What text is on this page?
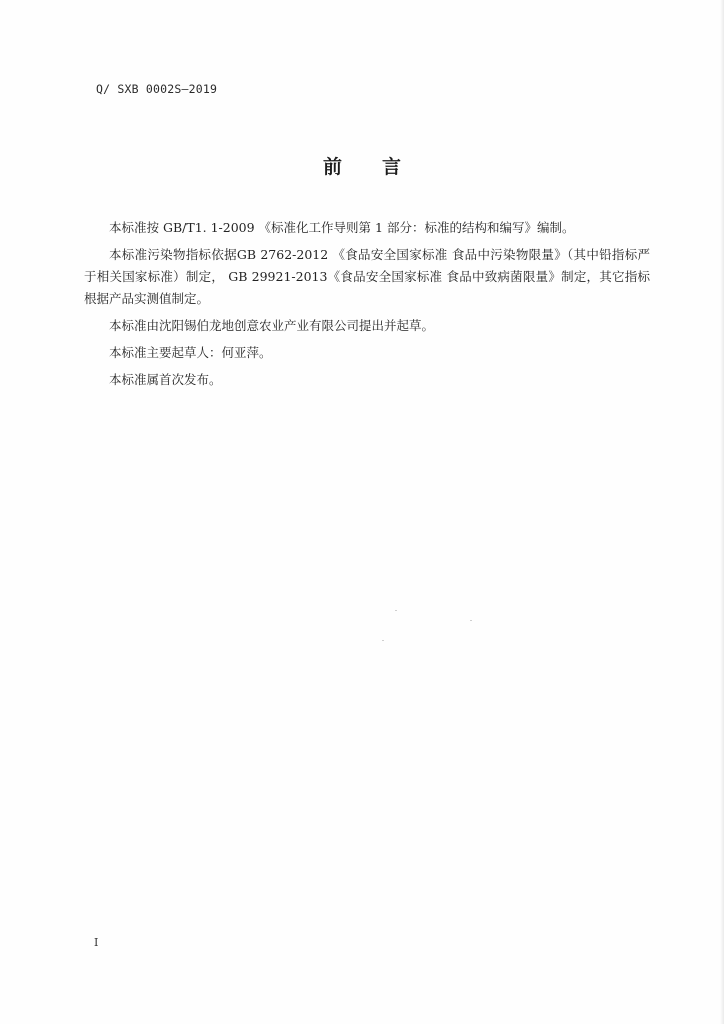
Q/ SXB 0002S—2019
前 言

本标准按 GB/T1. 1-2009 《标准化工作导则第 1 部分：标准的结构和编写》编制。

本标准污染物指标依据GB 2762-2012 《食品安全国家标准 食品中污染物限量》（其中铅指标严于相关国家标准）制定， GB 29921-2013《食品安全国家标准 食品中致病菌限量》制定，其它指标根据产品实测值制定。

本标准由沈阳锡伯龙地创意农业产业有限公司提出并起草。

本标准主要起草人：何亚萍。

本标准属首次发布。

I
